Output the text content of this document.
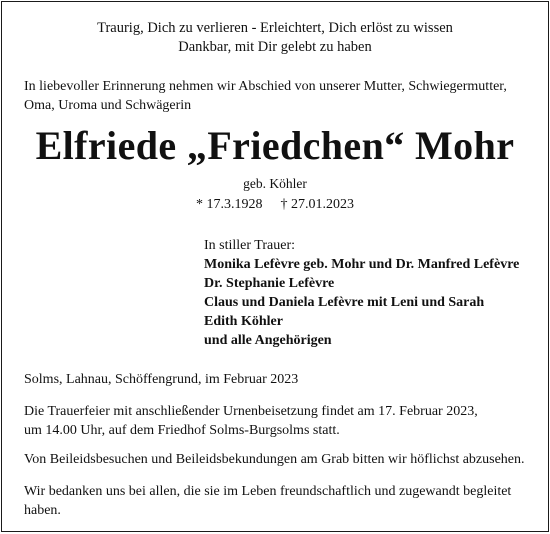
Traurig, Dich zu verlieren - Erleichtert, Dich erlöst zu wissen
Dankbar, mit Dir gelebt zu haben
In liebevoller Erinnerung nehmen wir Abschied von unserer Mutter, Schwiegermutter,
Oma, Uroma und Schwägerin
Elfriede „Friedchen“ Mohr
geb. Köhler
* 17.3.1928 † 27.01.2023
In stiller Trauer:
Monika Lefèvre geb. Mohr und Dr. Manfred Lefèvre
Dr. Stephanie Lefèvre
Claus und Daniela Lefèvre mit Leni und Sarah
Edith Köhler
und alle Angehörigen
Solms, Lahnau, Schöffengrund, im Februar 2023
Die Trauerfeier mit anschließender Urnenbeisetzung findet am 17. Februar 2023,
um 14.00 Uhr, auf dem Friedhof Solms-Burgsolms statt.
Von Beileidsbesuchen und Beileidsbekundungen am Grab bitten wir höflichst abzusehen.
Wir bedanken uns bei allen, die sie im Leben freundschaftlich und zugewandt begleitet
haben.
